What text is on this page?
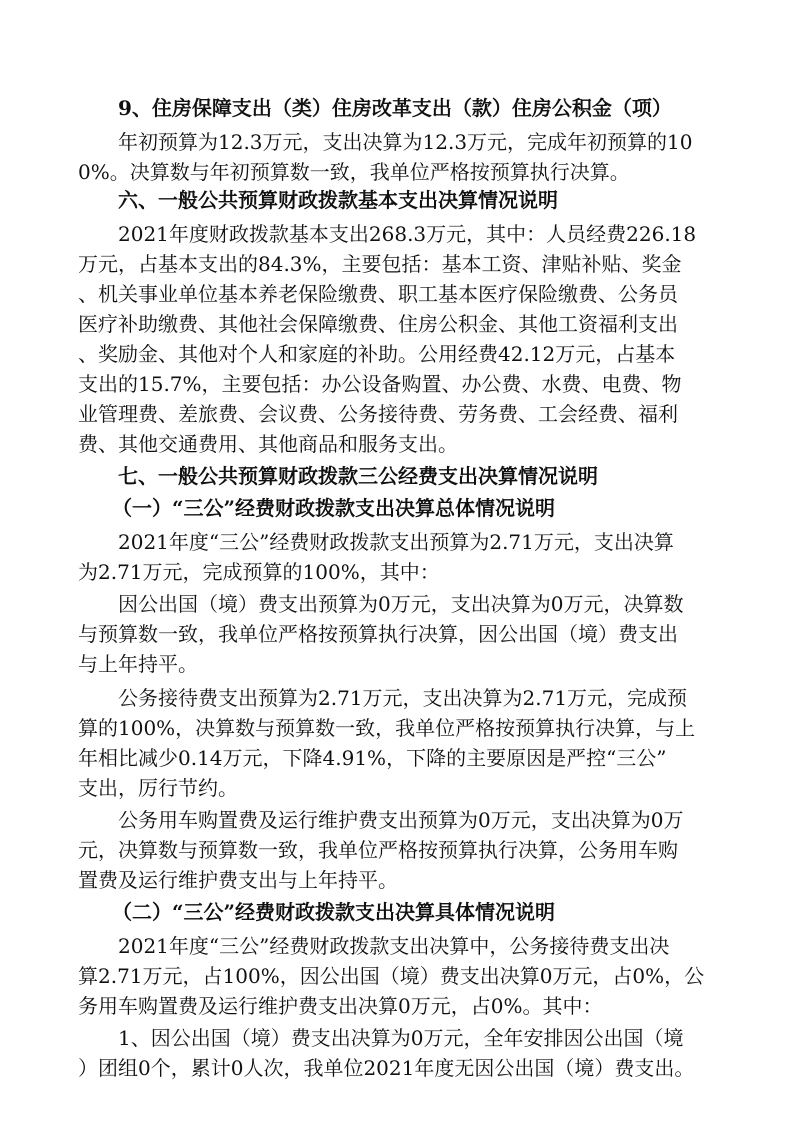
9、住房保障支出（类）住房改革支出（款）住房公积金（项）
年初预算为12.3万元，支出决算为12.3万元，完成年初预算的10
0%。决算数与年初预算数一致，我单位严格按预算执行决算。
六、一般公共预算财政拨款基本支出决算情况说明
2021年度财政拨款基本支出268.3万元，其中：人员经费226.18
万元，占基本支出的84.3%，主要包括：基本工资、津贴补贴、奖金
、机关事业单位基本养老保险缴费、职工基本医疗保险缴费、公务员
医疗补助缴费、其他社会保障缴费、住房公积金、其他工资福利支出
、奖励金、其他对个人和家庭的补助。公用经费42.12万元，占基本
支出的15.7%，主要包括：办公设备购置、办公费、水费、电费、物
业管理费、差旅费、会议费、公务接待费、劳务费、工会经费、福利
费、其他交通费用、其他商品和服务支出。
七、一般公共预算财政拨款三公经费支出决算情况说明
（一）“三公”经费财政拨款支出决算总体情况说明
2021年度“三公”经费财政拨款支出预算为2.71万元，支出决算
为2.71万元，完成预算的100%，其中：
因公出国（境）费支出预算为0万元，支出决算为0万元，决算数
与预算数一致，我单位严格按预算执行决算，因公出国（境）费支出
与上年持平。
公务接待费支出预算为2.71万元，支出决算为2.71万元，完成预
算的100%，决算数与预算数一致，我单位严格按预算执行决算，与上
年相比减少0.14万元，下降4.91%，下降的主要原因是严控“三公”
支出，厉行节约。
公务用车购置费及运行维护费支出预算为0万元，支出决算为0万
元，决算数与预算数一致，我单位严格按预算执行决算，公务用车购
置费及运行维护费支出与上年持平。
（二）“三公”经费财政拨款支出决算具体情况说明
2021年度“三公”经费财政拨款支出决算中，公务接待费支出决
算2.71万元，占100%，因公出国（境）费支出决算0万元，占0%，公
务用车购置费及运行维护费支出决算0万元，占0%。其中：
1、因公出国（境）费支出决算为0万元，全年安排因公出国（境
）团组0个，累计0人次，我单位2021年度无因公出国（境）费支出。
